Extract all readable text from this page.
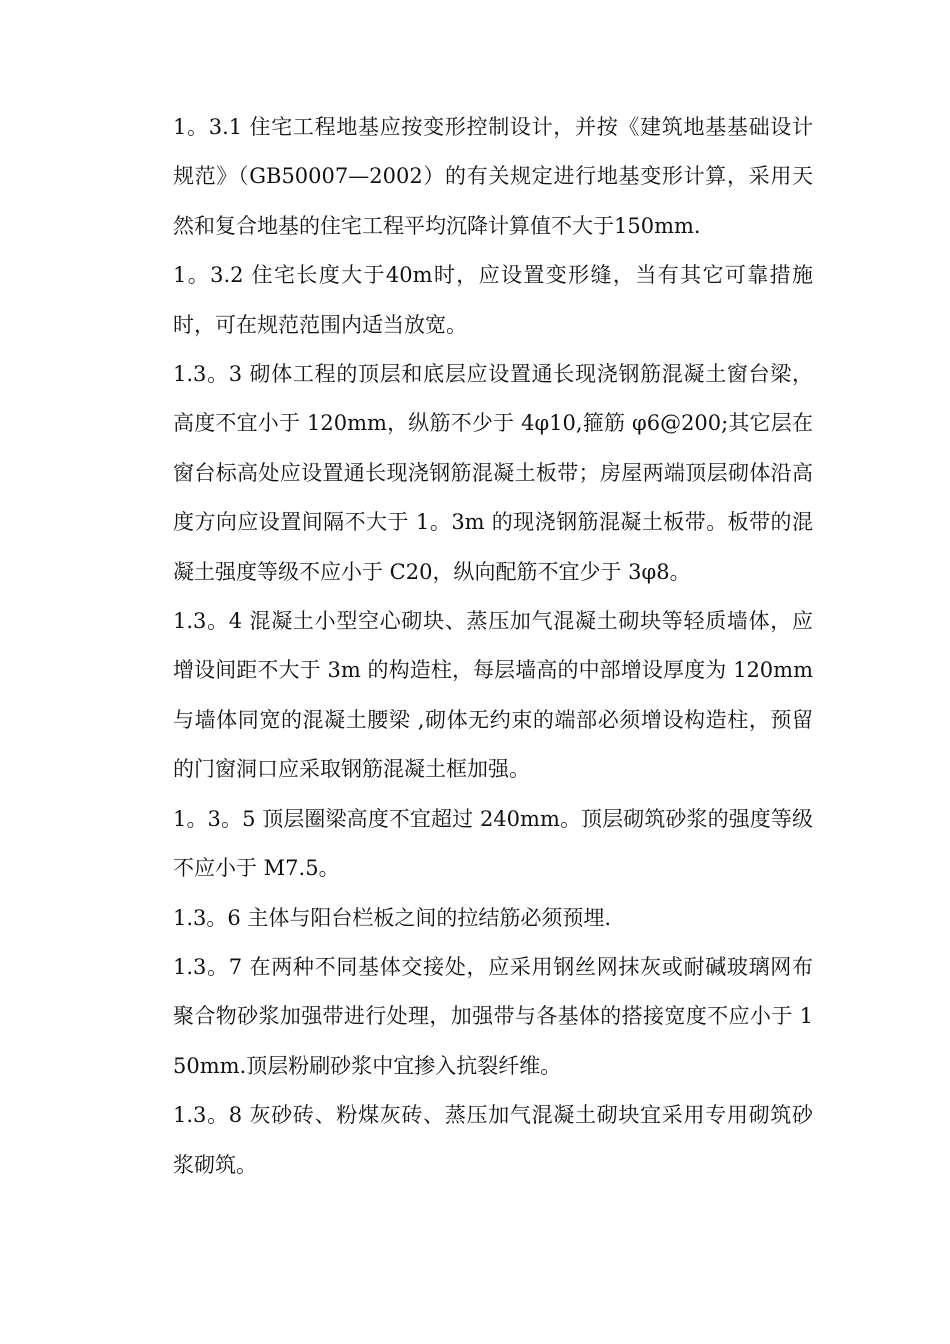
1。3.1 住宅工程地基应按变形控制设计，并按《建筑地基基础设计规范》（GB50007—2002）的有关规定进行地基变形计算，采用天然和复合地基的住宅工程平均沉降计算值不大于150mm.

1。3.2 住宅长度大于40m时，应设置变形缝，当有其它可靠措施时，可在规范范围内适当放宽。

1.3。3 砌体工程的顶层和底层应设置通长现浇钢筋混凝土窗台梁，高度不宜小于 120mm，纵筋不少于 4φ10,箍筋 φ6@200;其它层在窗台标高处应设置通长现浇钢筋混凝土板带；房屋两端顶层砌体沿高度方向应设置间隔不大于 1。3m 的现浇钢筋混凝土板带。板带的混凝土强度等级不应小于 C20，纵向配筋不宜少于 3φ8。

1.3。4 混凝土小型空心砌块、蒸压加气混凝土砌块等轻质墙体，应增设间距不大于 3m 的构造柱，每层墙高的中部增设厚度为 120mm 与墙体同宽的混凝土腰梁 ,砌体无约束的端部必须增设构造柱，预留的门窗洞口应采取钢筋混凝土框加强。

1。3。5 顶层圈梁高度不宜超过 240mm。顶层砌筑砂浆的强度等级不应小于 M7.5。

1.3。6 主体与阳台栏板之间的拉结筋必须预埋.

1.3。7 在两种不同基体交接处，应采用钢丝网抹灰或耐碱玻璃网布聚合物砂浆加强带进行处理，加强带与各基体的搭接宽度不应小于 150mm.顶层粉刷砂浆中宜掺入抗裂纤维。

1.3。8 灰砂砖、粉煤灰砖、蒸压加气混凝土砌块宜采用专用砌筑砂浆砌筑。
